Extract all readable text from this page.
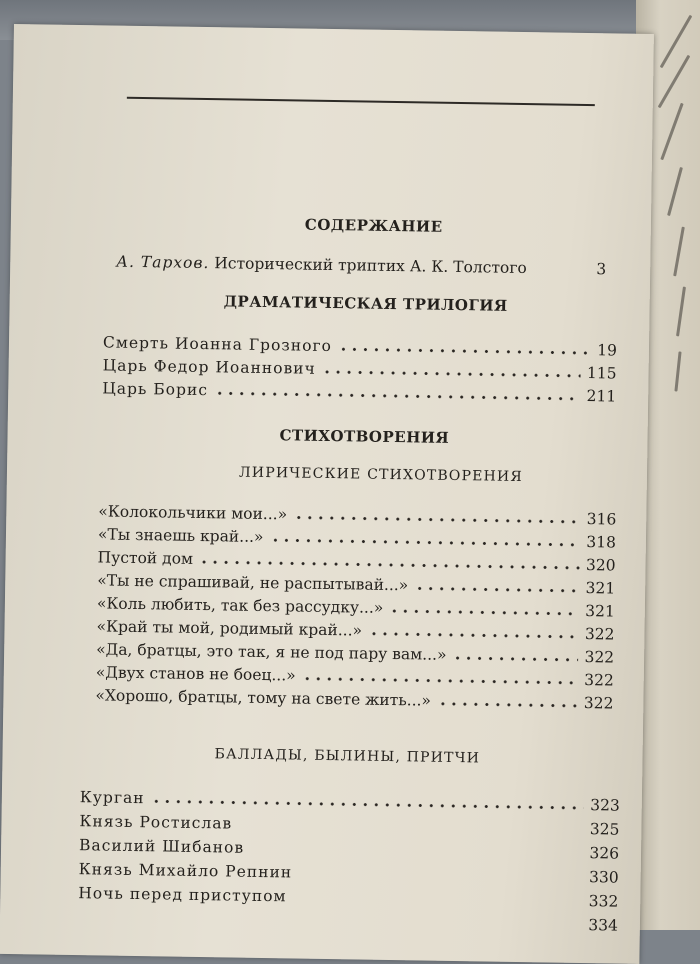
СОДЕРЖАНИЕ
А. Тархов. Исторический триптих А. К. Толстого	3
ДРАМАТИЧЕСКАЯ ТРИЛОГИЯ
Смерть Иоанна Грозного	19
Царь Федор Иоаннович	115
Царь Борис	211
СТИХОТВОРЕНИЯ
ЛИРИЧЕСКИЕ СТИХОТВОРЕНИЯ
«Колокольчики мои...»	316
«Ты знаешь край...»	318
Пустой дом	320
«Ты не спрашивай, не распытывай...»	321
«Коль любить, так без рассудку...»	321
«Край ты мой, родимый край...»	322
«Да, братцы, это так, я не под пару вам...»	322
«Двух станов не боец...»	322
«Хорошо, братцы, тому на свете жить...»	322
БАЛЛАДЫ, БЫЛИНЫ, ПРИТЧИ
Курган	323
Князь Ростислав	325
Василий Шибанов	326
Князь Михайло Репнин	330
Ночь перед приступом	332
334
